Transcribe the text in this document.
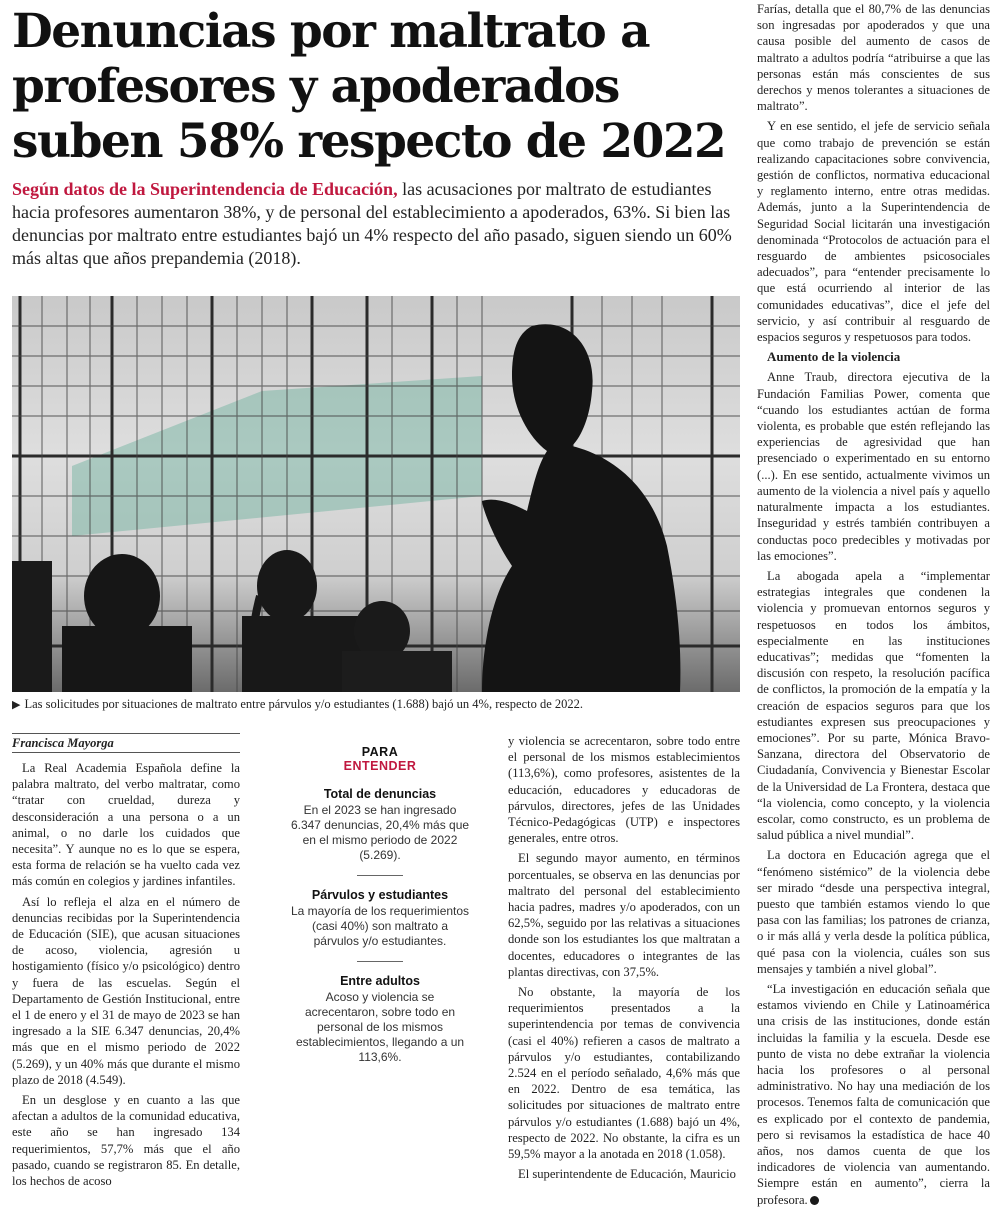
Denuncias por maltrato a profesores y apoderados suben 58% respecto de 2022

Según datos de la Superintendencia de Educación, las acusaciones por maltrato de estudiantes hacia profesores aumentaron 38%, y de personal del establecimiento a apoderados, 63%. Si bien las denuncias por maltrato entre estudiantes bajó un 4% respecto del año pasado, siguen siendo un 60% más altas que años prepandemia (2018).

▶ Las solicitudes por situaciones de maltrato entre párvulos y/o estudiantes (1.688) bajó un 4%, respecto de 2022.

Francisca Mayorga

La Real Academia Española define la palabra maltrato, del verbo maltratar, como “tratar con crueldad, dureza y desconsideración a una persona o a un animal, o no darle los cuidados que necesita”. Y aunque no es lo que se espera, esta forma de relación se ha vuelto cada vez más común en colegios y jardines infantiles.

Así lo refleja el alza en el número de denuncias recibidas por la Superintendencia de Educación (SIE), que acusan situaciones de acoso, violencia, agresión u hostigamiento (físico y/o psicológico) dentro y fuera de las escuelas. Según el Departamento de Gestión Institucional, entre el 1 de enero y el 31 de mayo de 2023 se han ingresado a la SIE 6.347 denuncias, 20,4% más que en el mismo periodo de 2022 (5.269), y un 40% más que durante el mismo plazo de 2018 (4.549).

En un desglose y en cuanto a las que afectan a adultos de la comunidad educativa, este año se han ingresado 134 requerimientos, 57,7% más que el año pasado, cuando se registraron 85. En detalle, los hechos de acoso

PARA
ENTENDER
Total de denuncias
En el 2023 se han ingresado 6.347 denuncias, 20,4% más que en el mismo periodo de 2022 (5.269).
Párvulos y estudiantes
La mayoría de los requerimientos (casi 40%) son maltrato a párvulos y/o estudiantes.
Entre adultos
Acoso y violencia se acrecentaron, sobre todo en personal de los mismos establecimientos, llegando a un 113,6%.

y violencia se acrecentaron, sobre todo entre el personal de los mismos establecimientos (113,6%), como profesores, asistentes de la educación, educadores y educadoras de párvulos, directores, jefes de las Unidades Técnico-Pedagógicas (UTP) e inspectores generales, entre otros.

El segundo mayor aumento, en términos porcentuales, se observa en las denuncias por maltrato del personal del establecimiento hacia padres, madres y/o apoderados, con un 62,5%, seguido por las relativas a situaciones donde son los estudiantes los que maltratan a docentes, educadores o integrantes de las plantas directivas, con 37,5%.

No obstante, la mayoría de los requerimientos presentados a la superintendencia por temas de convivencia (casi el 40%) refieren a casos de maltrato a párvulos y/o estudiantes, contabilizando 2.524 en el período señalado, 4,6% más que en 2022. Dentro de esa temática, las solicitudes por situaciones de maltrato entre párvulos y/o estudiantes (1.688) bajó un 4%, respecto de 2022. No obstante, la cifra es un 59,5% mayor a la anotada en 2018 (1.058).

El superintendente de Educación, Mauricio

Farías, detalla que el 80,7% de las denuncias son ingresadas por apoderados y que una causa posible del aumento de casos de maltrato a adultos podría “atribuirse a que las personas están más conscientes de sus derechos y menos tolerantes a situaciones de maltrato”.

Y en ese sentido, el jefe de servicio señala que como trabajo de prevención se están realizando capacitaciones sobre convivencia, gestión de conflictos, normativa educacional y reglamento interno, entre otras medidas. Además, junto a la Superintendencia de Seguridad Social licitarán una investigación denominada “Protocolos de actuación para el resguardo de ambientes psicosociales adecuados”, para “entender precisamente lo que está ocurriendo al interior de las comunidades educativas”, dice el jefe del servicio, y así contribuir al resguardo de espacios seguros y respetuosos para todos.

Aumento de la violencia

Anne Traub, directora ejecutiva de la Fundación Familias Power, comenta que “cuando los estudiantes actúan de forma violenta, es probable que estén reflejando las experiencias de agresividad que han presenciado o experimentado en su entorno (...). En ese sentido, actualmente vivimos un aumento de la violencia a nivel país y aquello naturalmente impacta a los estudiantes. Inseguridad y estrés también contribuyen a conductas poco predecibles y motivadas por las emociones”.

La abogada apela a “implementar estrategias integrales que condenen la violencia y promuevan entornos seguros y respetuosos en todos los ámbitos, especialmente en las instituciones educativas”; medidas que “fomenten la discusión con respeto, la resolución pacífica de conflictos, la promoción de la empatía y la creación de espacios seguros para que los estudiantes expresen sus preocupaciones y emociones”. Por su parte, Mónica Bravo-Sanzana, directora del Observatorio de Ciudadanía, Convivencia y Bienestar Escolar de la Universidad de La Frontera, destaca que “la violencia, como concepto, y la violencia escolar, como constructo, es un problema de salud pública a nivel mundial”.

La doctora en Educación agrega que el “fenómeno sistémico” de la violencia debe ser mirado “desde una perspectiva integral, puesto que también estamos viendo lo que pasa con las familias; los patrones de crianza, o ir más allá y verla desde la política pública, qué pasa con la violencia, cuáles son sus mensajes y también a nivel global”.

“La investigación en educación señala que estamos viviendo en Chile y Latinoamérica una crisis de las instituciones, donde están incluidas la familia y la escuela. Desde ese punto de vista no debe extrañar la violencia hacia los profesores o al personal administrativo. No hay una mediación de los procesos. Tenemos falta de comunicación que es explicado por el contexto de pandemia, pero si revisamos la estadística de hace 40 años, nos damos cuenta de que los indicadores de violencia van aumentando. Siempre están en aumento”, cierra la profesora.
